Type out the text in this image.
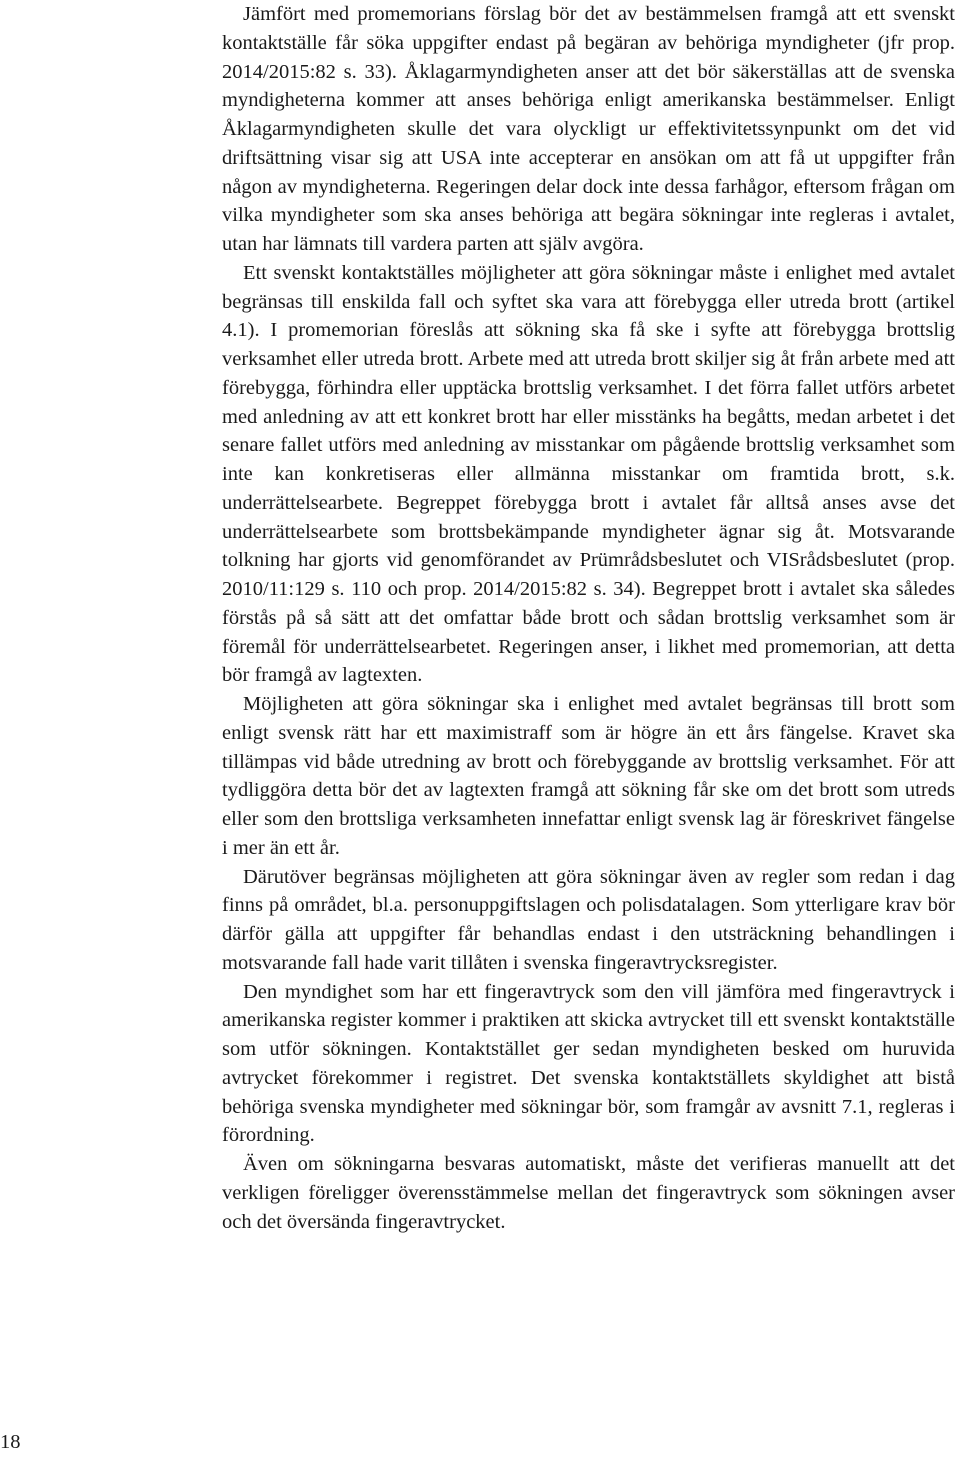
Jämfört med promemorians förslag bör det av bestämmelsen framgå att ett svenskt kontaktställe får söka uppgifter endast på begäran av behöriga myndigheter (jfr prop. 2014/2015:82 s. 33). Åklagarmyndigheten anser att det bör säkerställas att de svenska myndigheterna kommer att anses behöriga enligt amerikanska bestämmelser. Enligt Åklagarmyndigheten skulle det vara olyckligt ur effektivitetssynpunkt om det vid driftsättning visar sig att USA inte accepterar en ansökan om att få ut uppgifter från någon av myndigheterna. Regeringen delar dock inte dessa farhågor, eftersom frågan om vilka myndigheter som ska anses behöriga att begära sökningar inte regleras i avtalet, utan har lämnats till vardera parten att själv avgöra.

Ett svenskt kontaktställes möjligheter att göra sökningar måste i enlighet med avtalet begränsas till enskilda fall och syftet ska vara att förebygga eller utreda brott (artikel 4.1). I promemorian föreslås att sökning ska få ske i syfte att förebygga brottslig verksamhet eller utreda brott. Arbete med att utreda brott skiljer sig åt från arbete med att förebygga, förhindra eller upptäcka brottslig verksamhet. I det förra fallet utförs arbetet med anledning av att ett konkret brott har eller misstänks ha begåtts, medan arbetet i det senare fallet utförs med anledning av misstankar om pågående brottslig verksamhet som inte kan konkretiseras eller allmänna misstankar om framtida brott, s.k. underrättelsearbete. Begreppet förebygga brott i avtalet får alltså anses avse det underrättelsearbete som brottsbekämpande myndigheter ägnar sig åt. Motsvarande tolkning har gjorts vid genomförandet av Prümrådsbeslutet och VISrådsbeslutet (prop. 2010/11:129 s. 110 och prop. 2014/2015:82 s. 34). Begreppet brott i avtalet ska således förstås på så sätt att det omfattar både brott och sådan brottslig verksamhet som är föremål för underrättelsearbetet. Regeringen anser, i likhet med promemorian, att detta bör framgå av lagtexten.

Möjligheten att göra sökningar ska i enlighet med avtalet begränsas till brott som enligt svensk rätt har ett maximistraff som är högre än ett års fängelse. Kravet ska tillämpas vid både utredning av brott och förebyggande av brottslig verksamhet. För att tydliggöra detta bör det av lagtexten framgå att sökning får ske om det brott som utreds eller som den brottsliga verksamheten innefattar enligt svensk lag är föreskrivet fängelse i mer än ett år.

Därutöver begränsas möjligheten att göra sökningar även av regler som redan i dag finns på området, bl.a. personuppgiftslagen och polisdatalagen. Som ytterligare krav bör därför gälla att uppgifter får behandlas endast i den utsträckning behandlingen i motsvarande fall hade varit tillåten i svenska fingeravtrycksregister.

Den myndighet som har ett fingeravtryck som den vill jämföra med fingeravtryck i amerikanska register kommer i praktiken att skicka avtrycket till ett svenskt kontaktställe som utför sökningen. Kontaktstället ger sedan myndigheten besked om huruvida avtrycket förekommer i registret. Det svenska kontaktställets skyldighet att bistå behöriga svenska myndigheter med sökningar bör, som framgår av avsnitt 7.1, regleras i förordning.

Även om sökningarna besvaras automatiskt, måste det verifieras manuellt att det verkligen föreligger överensstämmelse mellan det fingeravtryck som sökningen avser och det översända fingeravtrycket.

18
